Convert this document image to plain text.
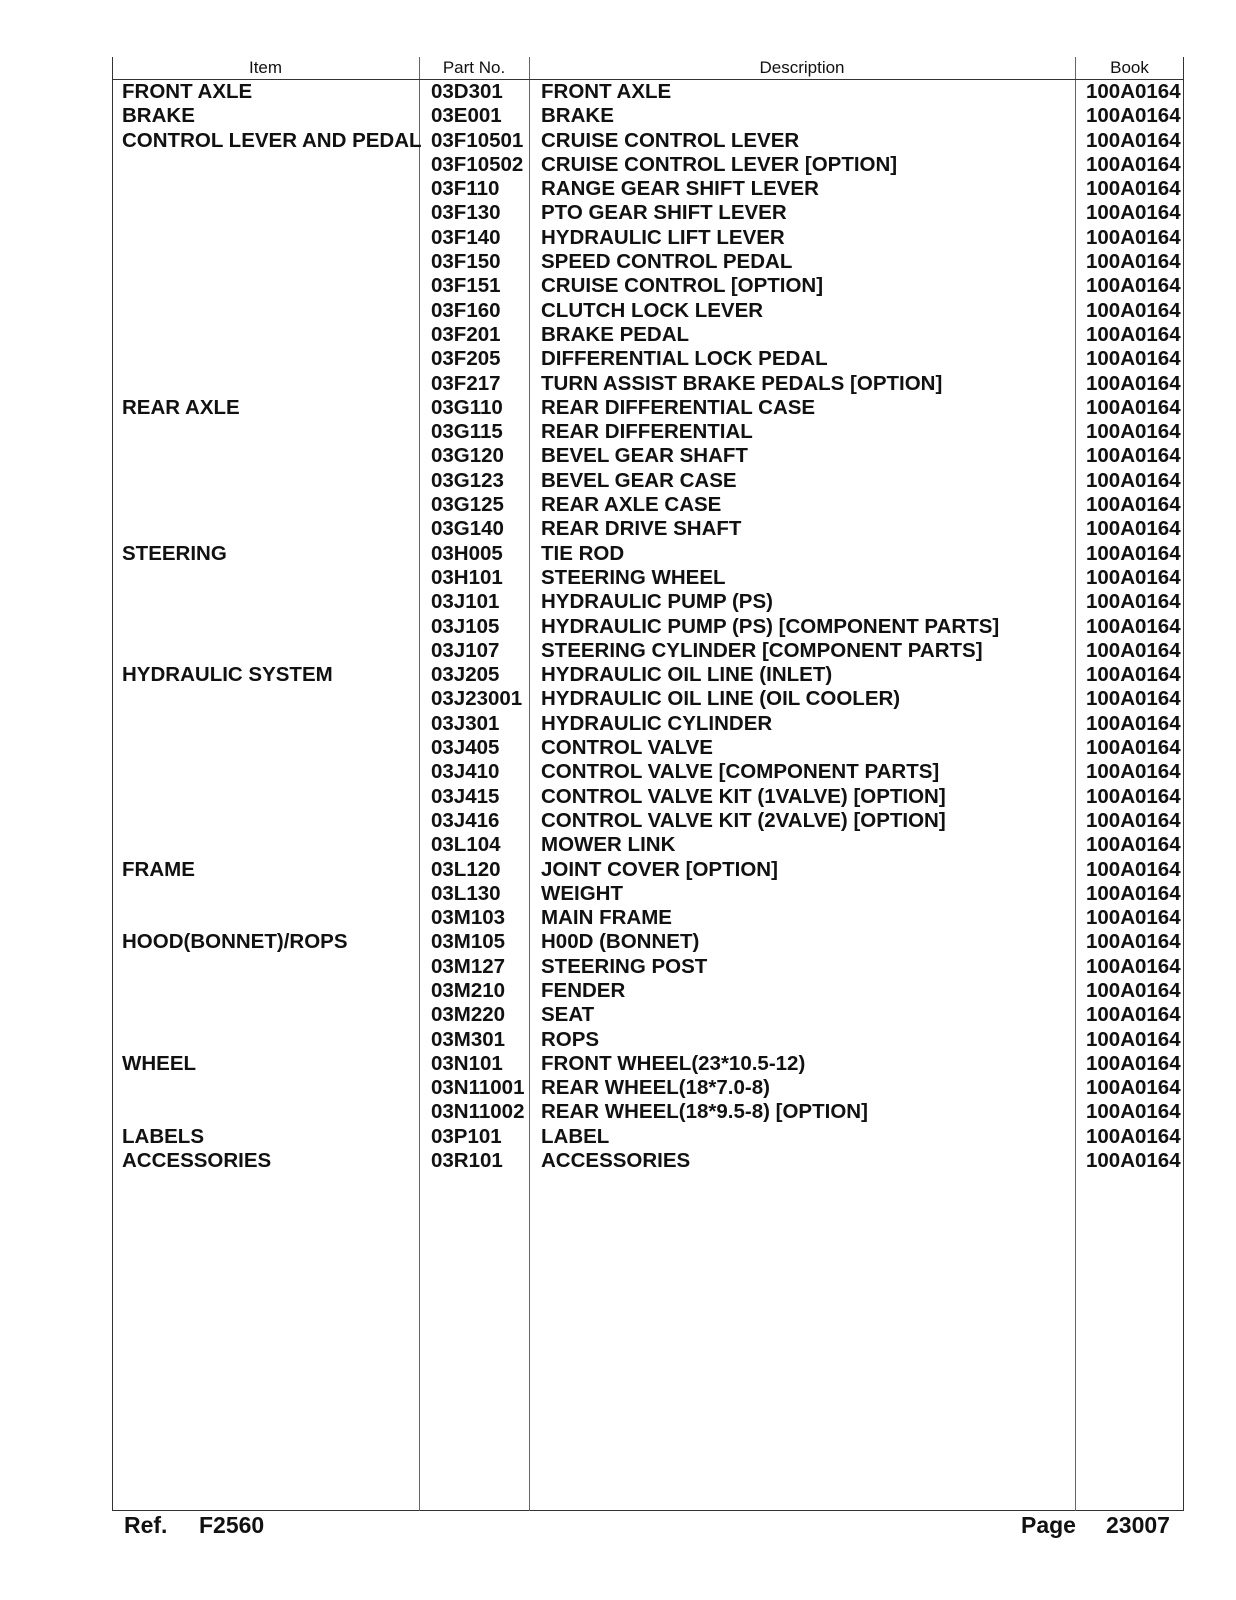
Item	Part No.	Description	Book
FRONT AXLE	03D301 FRONT AXLE	100A0164
BRAKE	03E001 BRAKE	100A0164
CONTROL LEVER AND PEDAL 03F10501 CRUISE CONTROL LEVER	100A0164
03F10502 CRUISE CONTROL LEVER [OPTION]	100A0164
03F110 RANGE GEAR SHIFT LEVER	100A0164
03F130 PTO GEAR SHIFT LEVER	100A0164
03F140 HYDRAULIC LIFT LEVER	100A0164
03F150 SPEED CONTROL PEDAL	100A0164
03F151 CRUISE CONTROL [OPTION]	100A0164
03F160 CLUTCH LOCK LEVER	100A0164
03F201 BRAKE PEDAL	100A0164
03F205 DIFFERENTIAL LOCK PEDAL	100A0164
03F217 TURN ASSIST BRAKE PEDALS [OPTION]	100A0164
REAR AXLE	03G110 REAR DIFFERENTIAL CASE	100A0164
03G115 REAR DIFFERENTIAL	100A0164
03G120 BEVEL GEAR SHAFT	100A0164
03G123 BEVEL GEAR CASE	100A0164
03G125 REAR AXLE CASE	100A0164
03G140 REAR DRIVE SHAFT	100A0164
STEERING	03H005 TIE ROD	100A0164
03H101 STEERING WHEEL	100A0164
03J101 HYDRAULIC PUMP (PS)	100A0164
03J105 HYDRAULIC PUMP (PS) [COMPONENT PARTS]	100A0164
03J107 STEERING CYLINDER [COMPONENT PARTS]	100A0164
HYDRAULIC SYSTEM	03J205 HYDRAULIC OIL LINE (INLET)	100A0164
03J23001 HYDRAULIC OIL LINE (OIL COOLER)	100A0164
03J301 HYDRAULIC CYLINDER	100A0164
03J405 CONTROL VALVE	100A0164
03J410 CONTROL VALVE [COMPONENT PARTS]	100A0164
03J415 CONTROL VALVE KIT (1VALVE) [OPTION]	100A0164
03J416 CONTROL VALVE KIT (2VALVE) [OPTION]	100A0164
03L104 MOWER LINK	100A0164
FRAME	03L120 JOINT COVER [OPTION]	100A0164
03L130 WEIGHT	100A0164
03M103 MAIN FRAME	100A0164
HOOD(BONNET)/ROPS	03M105 H00D (BONNET)	100A0164
03M127 STEERING POST	100A0164
03M210 FENDER	100A0164
03M220 SEAT	100A0164
03M301 ROPS	100A0164
WHEEL	03N101 FRONT WHEEL(23*10.5-12)	100A0164
03N11001 REAR WHEEL(18*7.0-8)	100A0164
03N11002 REAR WHEEL(18*9.5-8) [OPTION]	100A0164
LABELS	03P101 LABEL	100A0164
ACCESSORIES	03R101 ACCESSORIES	100A0164
Ref. F2560	Page 23007
